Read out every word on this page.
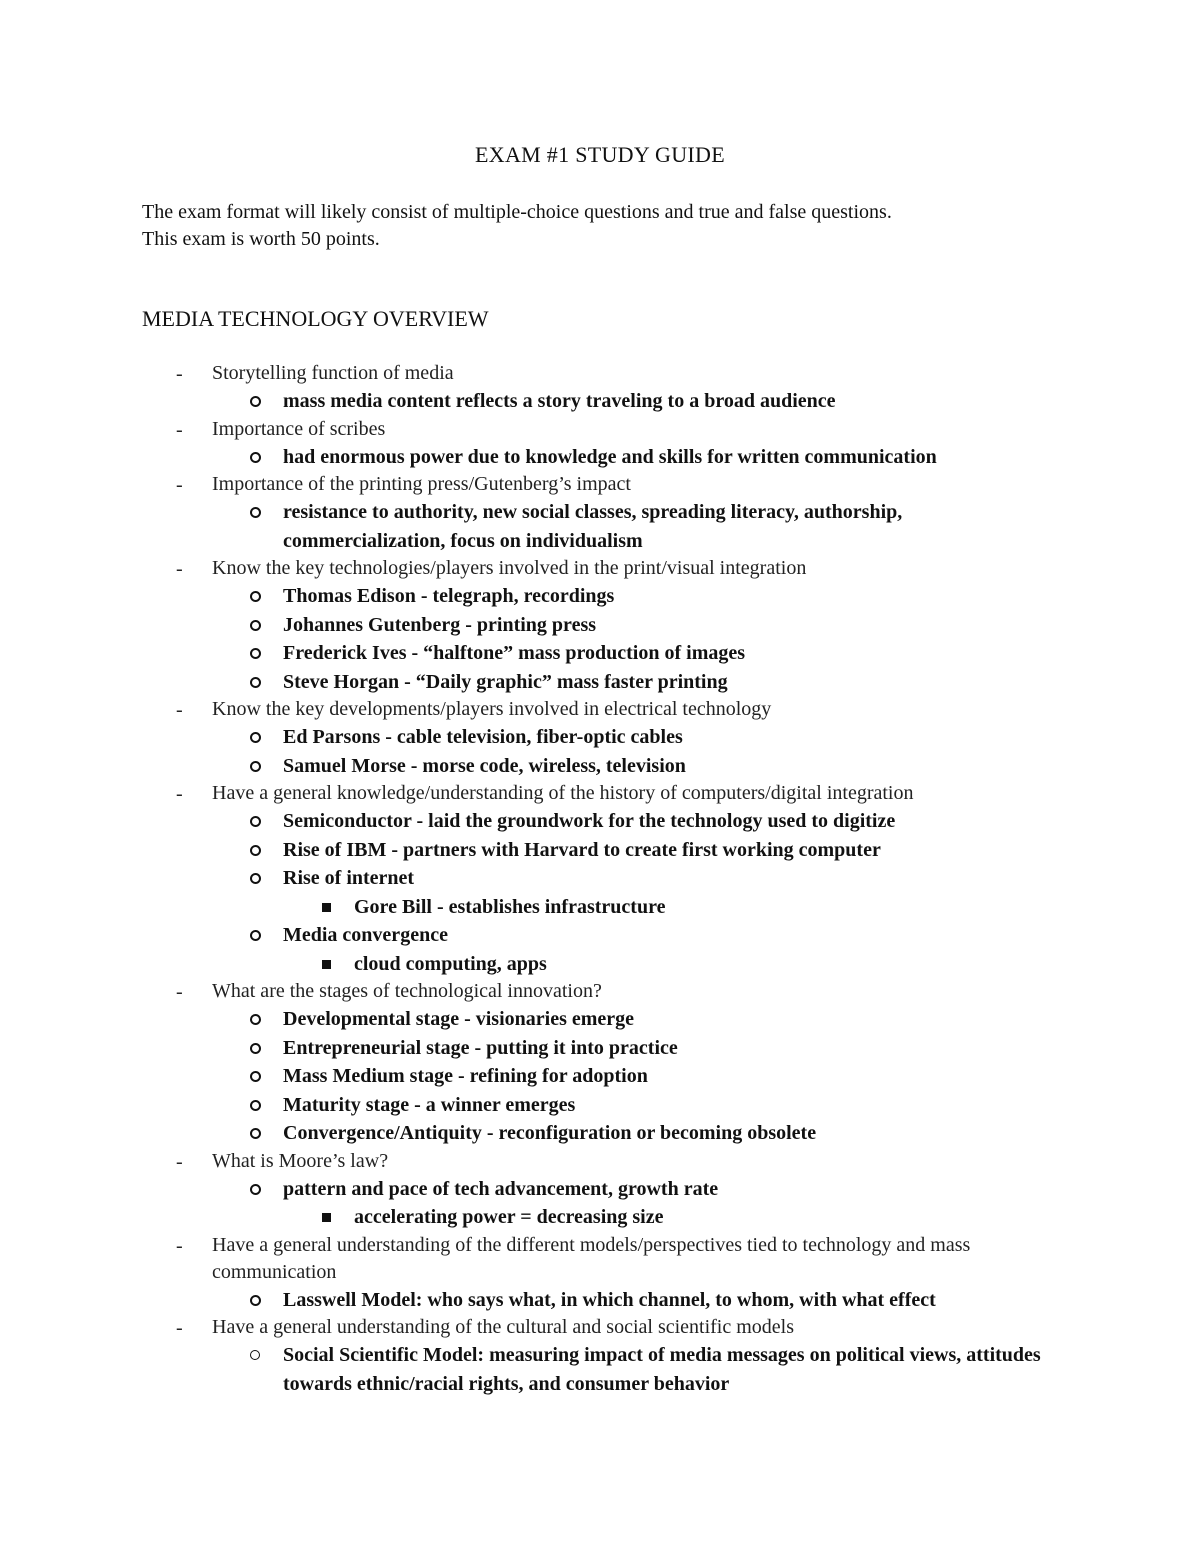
EXAM #1 STUDY GUIDE
The exam format will likely consist of multiple-choice questions and true and false questions.
This exam is worth 50 points.
MEDIA TECHNOLOGY OVERVIEW
- Storytelling function of media
mass media content reflects a story traveling to a broad audience
- Importance of scribes
had enormous power due to knowledge and skills for written communication
- Importance of the printing press/Gutenberg’s impact
resistance to authority, new social classes, spreading literacy, authorship, commercialization, focus on individualism
- Know the key technologies/players involved in the print/visual integration
Thomas Edison - telegraph, recordings
Johannes Gutenberg - printing press
Frederick Ives - “halftone” mass production of images
Steve Horgan - “Daily graphic” mass faster printing
- Know the key developments/players involved in electrical technology
Ed Parsons - cable television, fiber-optic cables
Samuel Morse - morse code, wireless, television
- Have a general knowledge/understanding of the history of computers/digital integration
Semiconductor - laid the groundwork for the technology used to digitize
Rise of IBM - partners with Harvard to create first working computer
Rise of internet
Gore Bill - establishes infrastructure
Media convergence
cloud computing, apps
- What are the stages of technological innovation?
Developmental stage - visionaries emerge
Entrepreneurial stage - putting it into practice
Mass Medium stage - refining for adoption
Maturity stage - a winner emerges
Convergence/Antiquity - reconfiguration or becoming obsolete
- What is Moore’s law?
pattern and pace of tech advancement, growth rate
accelerating power = decreasing size
- Have a general understanding of the different models/perspectives tied to technology and mass communication
Lasswell Model: who says what, in which channel, to whom, with what effect
- Have a general understanding of the cultural and social scientific models
Social Scientific Model: measuring impact of media messages on political views, attitudes towards ethnic/racial rights, and consumer behavior
